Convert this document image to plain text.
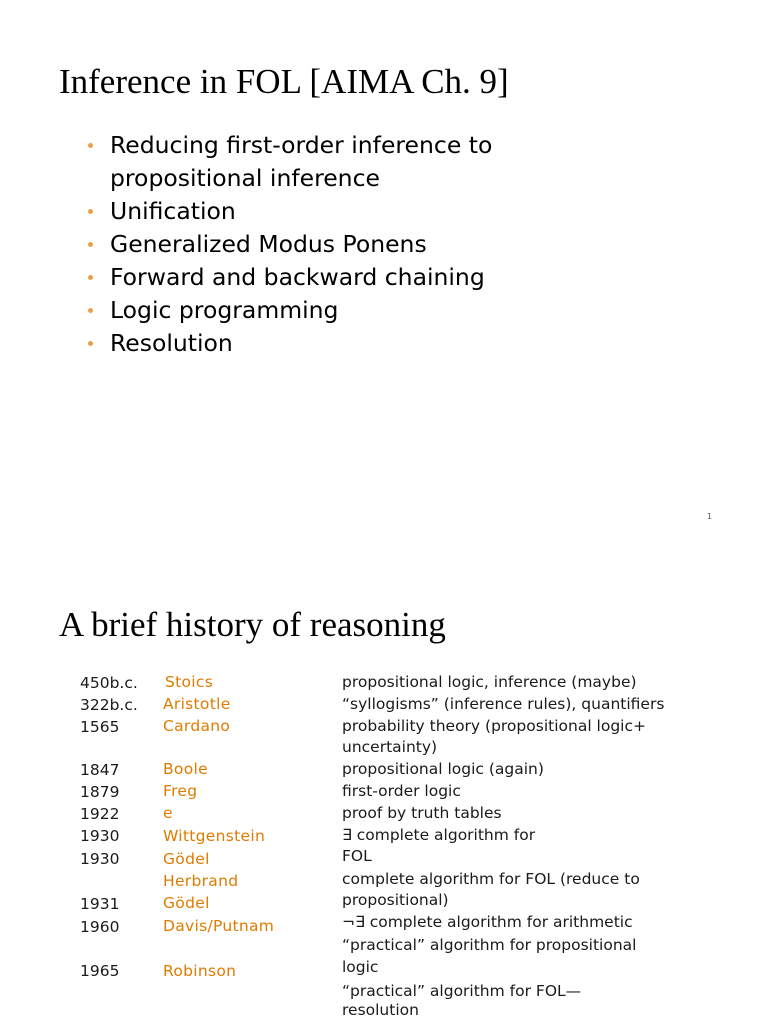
Inference in FOL [AIMA Ch. 9]
Reducing first-order inference to
propositional inference
Unification
Generalized Modus Ponens
Forward and backward chaining
Logic programming
Resolution
1
A brief history of reasoning
450b.c.
322b.c.
1565
1847
1879
1922
1930
1930
1931
1960
1965
Stoics
Aristotle
Cardano
Boole
Freg
e
Wittgenstein
Gödel
Herbrand
Gödel
Davis/Putnam
Robinson
propositional logic, inference (maybe)
“syllogisms” (inference rules), quantifiers
probability theory (propositional logic+
uncertainty)
propositional logic (again)
first-order logic
proof by truth tables
∃ complete algorithm for
FOL
complete algorithm for FOL (reduce to
propositional)
¬∃ complete algorithm for arithmetic
“practical” algorithm for propositional
logic
“practical” algorithm for FOL—
resolution
